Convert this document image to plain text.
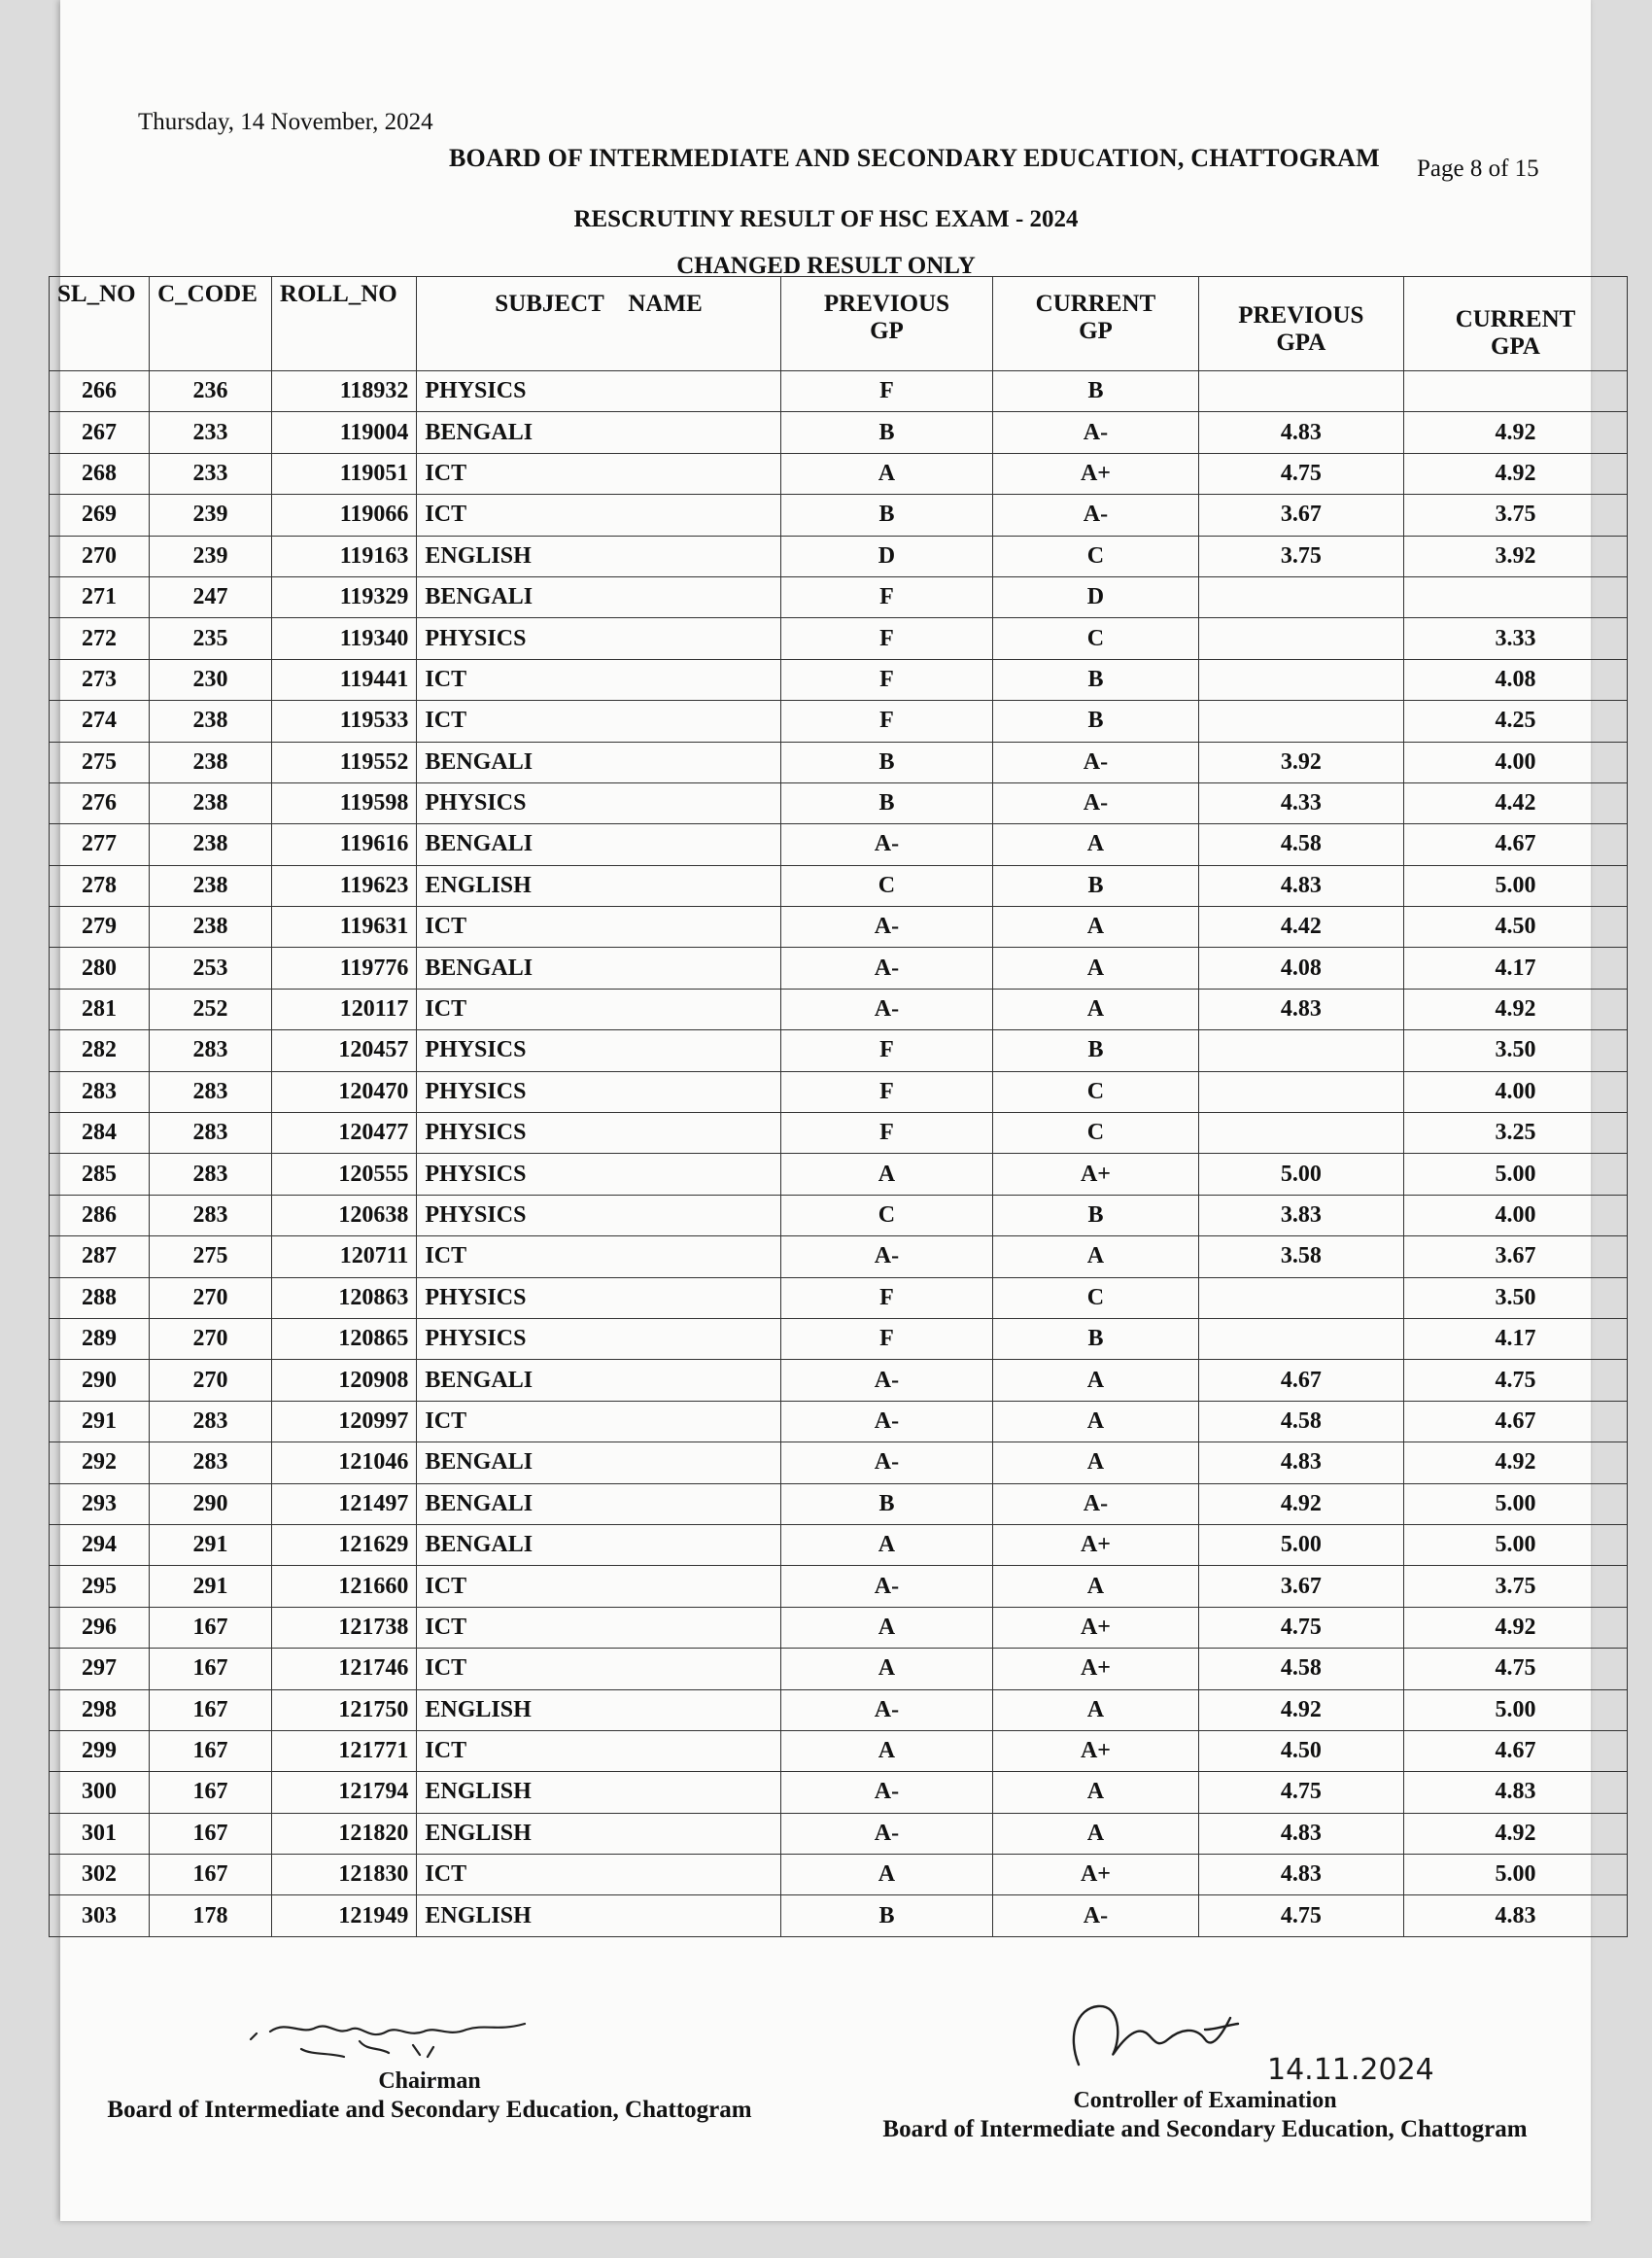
Thursday, 14 November, 2024
BOARD OF INTERMEDIATE AND SECONDARY EDUCATION, CHATTOGRAM Page 8 of 15
RESCRUTINY RESULT OF HSC EXAM - 2024
CHANGED RESULT ONLY
SL_NO	C_CODE	ROLL_NO	SUBJECT    NAME	PREVIOUS GP	CURRENT GP	PREVIOUS GPA	CURRENT GPA
266	236	118932	PHYSICS	F	B		
267	233	119004	BENGALI	B	A-	4.83	4.92
268	233	119051	ICT	A	A+	4.75	4.92
269	239	119066	ICT	B	A-	3.67	3.75
270	239	119163	ENGLISH	D	C	3.75	3.92
271	247	119329	BENGALI	F	D		
272	235	119340	PHYSICS	F	C		3.33
273	230	119441	ICT	F	B		4.08
274	238	119533	ICT	F	B		4.25
275	238	119552	BENGALI	B	A-	3.92	4.00
276	238	119598	PHYSICS	B	A-	4.33	4.42
277	238	119616	BENGALI	A-	A	4.58	4.67
278	238	119623	ENGLISH	C	B	4.83	5.00
279	238	119631	ICT	A-	A	4.42	4.50
280	253	119776	BENGALI	A-	A	4.08	4.17
281	252	120117	ICT	A-	A	4.83	4.92
282	283	120457	PHYSICS	F	B		3.50
283	283	120470	PHYSICS	F	C		4.00
284	283	120477	PHYSICS	F	C		3.25
285	283	120555	PHYSICS	A	A+	5.00	5.00
286	283	120638	PHYSICS	C	B	3.83	4.00
287	275	120711	ICT	A-	A	3.58	3.67
288	270	120863	PHYSICS	F	C		3.50
289	270	120865	PHYSICS	F	B		4.17
290	270	120908	BENGALI	A-	A	4.67	4.75
291	283	120997	ICT	A-	A	4.58	4.67
292	283	121046	BENGALI	A-	A	4.83	4.92
293	290	121497	BENGALI	B	A-	4.92	5.00
294	291	121629	BENGALI	A	A+	5.00	5.00
295	291	121660	ICT	A-	A	3.67	3.75
296	167	121738	ICT	A	A+	4.75	4.92
297	167	121746	ICT	A	A+	4.58	4.75
298	167	121750	ENGLISH	A-	A	4.92	5.00
299	167	121771	ICT	A	A+	4.50	4.67
300	167	121794	ENGLISH	A-	A	4.75	4.83
301	167	121820	ENGLISH	A-	A	4.83	4.92
302	167	121830	ICT	A	A+	4.83	5.00
303	178	121949	ENGLISH	B	A-	4.75	4.83
Chairman
Board of Intermediate and Secondary Education, Chattogram
14.11.2024
Controller of Examination
Board of Intermediate and Secondary Education, Chattogram
